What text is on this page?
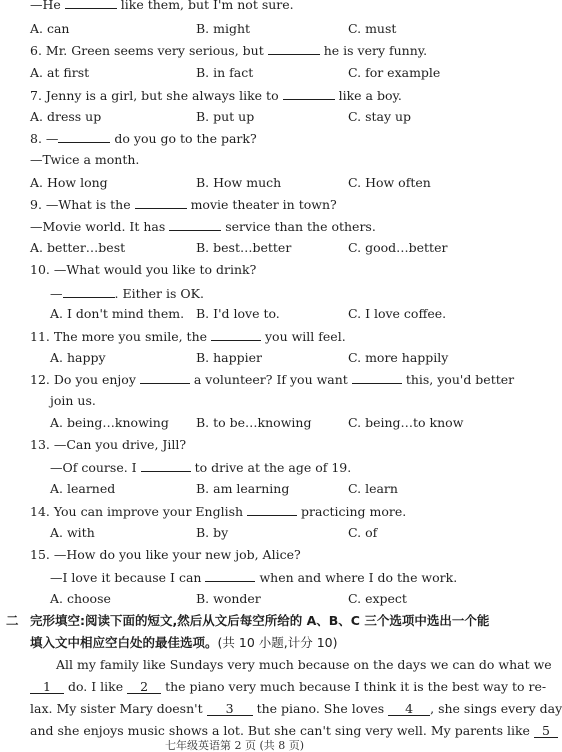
—He	like them, but I'm not sure.
A. can	B. might	C. must
6. Mr. Green seems very serious, but	he is very funny.
A. at first	B. in fact	C. for example
7. Jenny is a girl, but she always like to	like a boy.
A. dress up	B. put up	C. stay up
8. —	do you go to the park?
—Twice a month.
A. How long	B. How much	C. How often
9. —What is the	movie theater in town?
—Movie world. It has	service than the others.
A. better…best	B. best…better	C. good…better
10. —What would you like to drink?
—	. Either is OK.
A. I don't mind them. B. I'd love to.	C. I love coffee.
11. The more you smile, the	you will feel.
A. happy	B. happier	C. more happily
12. Do you enjoy	a volunteer? If you want	this, you'd better
join us.
A. being…knowing B. to be…knowing	C. being…to know
13. —Can you drive, Jill?
—Of course. I	to drive at the age of 19.
A. learned	B. am learning	C. learn
14. You can improve your English	practicing more.
A. with	B. by	C. of
15. —How do you like your new job, Alice?
—I love it because I can	when and where I do the work.
A. choose	B. wonder	C. expect
二 完形填空:阅读下面的短文,然后从文后每空所给的 A、B、C 三个选项中选出一个能
填入文中相应空白处的最佳选项。(共 10 小题,计分 10)
All my family like Sundays very much because on the days we can do what we
1 do. I like 2 the piano very much because I think it is the best way to re-
lax. My sister Mary doesn't 3 the piano. She loves 4 , she sings every day
and she enjoys music shows a lot. But she can't sing very well. My parents like 5
七年级英语第 2 页 (共 8 页)
